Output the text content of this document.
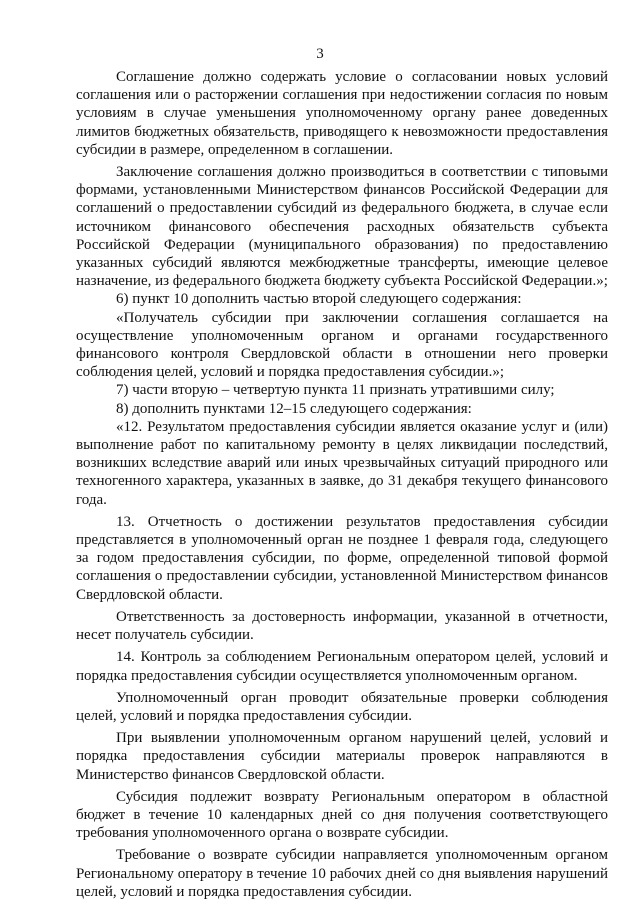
3

Соглашение должно содержать условие о согласовании новых условий соглашения или о расторжении соглашения при недостижении согласия по новым условиям в случае уменьшения уполномоченному органу ранее доведенных лимитов бюджетных обязательств, приводящего к невозможности предоставления субсидии в размере, определенном в соглашении.

Заключение соглашения должно производиться в соответствии с типовыми формами, установленными Министерством финансов Российской Федерации для соглашений о предоставлении субсидий из федерального бюджета, в случае если источником финансового обеспечения расходных обязательств субъекта Российской Федерации (муниципального образования) по предоставлению указанных субсидий являются межбюджетные трансферты, имеющие целевое назначение, из федерального бюджета бюджету субъекта Российской Федерации.»;

6) пункт 10 дополнить частью второй следующего содержания:

«Получатель субсидии при заключении соглашения соглашается на осуществление уполномоченным органом и органами государственного финансового контроля Свердловской области в отношении него проверки соблюдения целей, условий и порядка предоставления субсидии.»;

7) части вторую – четвертую пункта 11 признать утратившими силу;

8) дополнить пунктами 12–15 следующего содержания:

«12. Результатом предоставления субсидии является оказание услуг и (или) выполнение работ по капитальному ремонту в целях ликвидации последствий, возникших вследствие аварий или иных чрезвычайных ситуаций природного или техногенного характера, указанных в заявке, до 31 декабря текущего финансового года.

13. Отчетность о достижении результатов предоставления субсидии представляется в уполномоченный орган не позднее 1 февраля года, следующего за годом предоставления субсидии, по форме, определенной типовой формой соглашения о предоставлении субсидии, установленной Министерством финансов Свердловской области.

Ответственность за достоверность информации, указанной в отчетности, несет получатель субсидии.

14. Контроль за соблюдением Региональным оператором целей, условий и порядка предоставления субсидии осуществляется уполномоченным органом.

Уполномоченный орган проводит обязательные проверки соблюдения целей, условий и порядка предоставления субсидии.

При выявлении уполномоченным органом нарушений целей, условий и порядка предоставления субсидии материалы проверок направляются в Министерство финансов Свердловской области.

Субсидия подлежит возврату Региональным оператором в областной бюджет в течение 10 календарных дней со дня получения соответствующего требования уполномоченного органа о возврате субсидии.

Требование о возврате субсидии направляется уполномоченным органом Региональному оператору в течение 10 рабочих дней со дня выявления нарушений целей, условий и порядка предоставления субсидии.
